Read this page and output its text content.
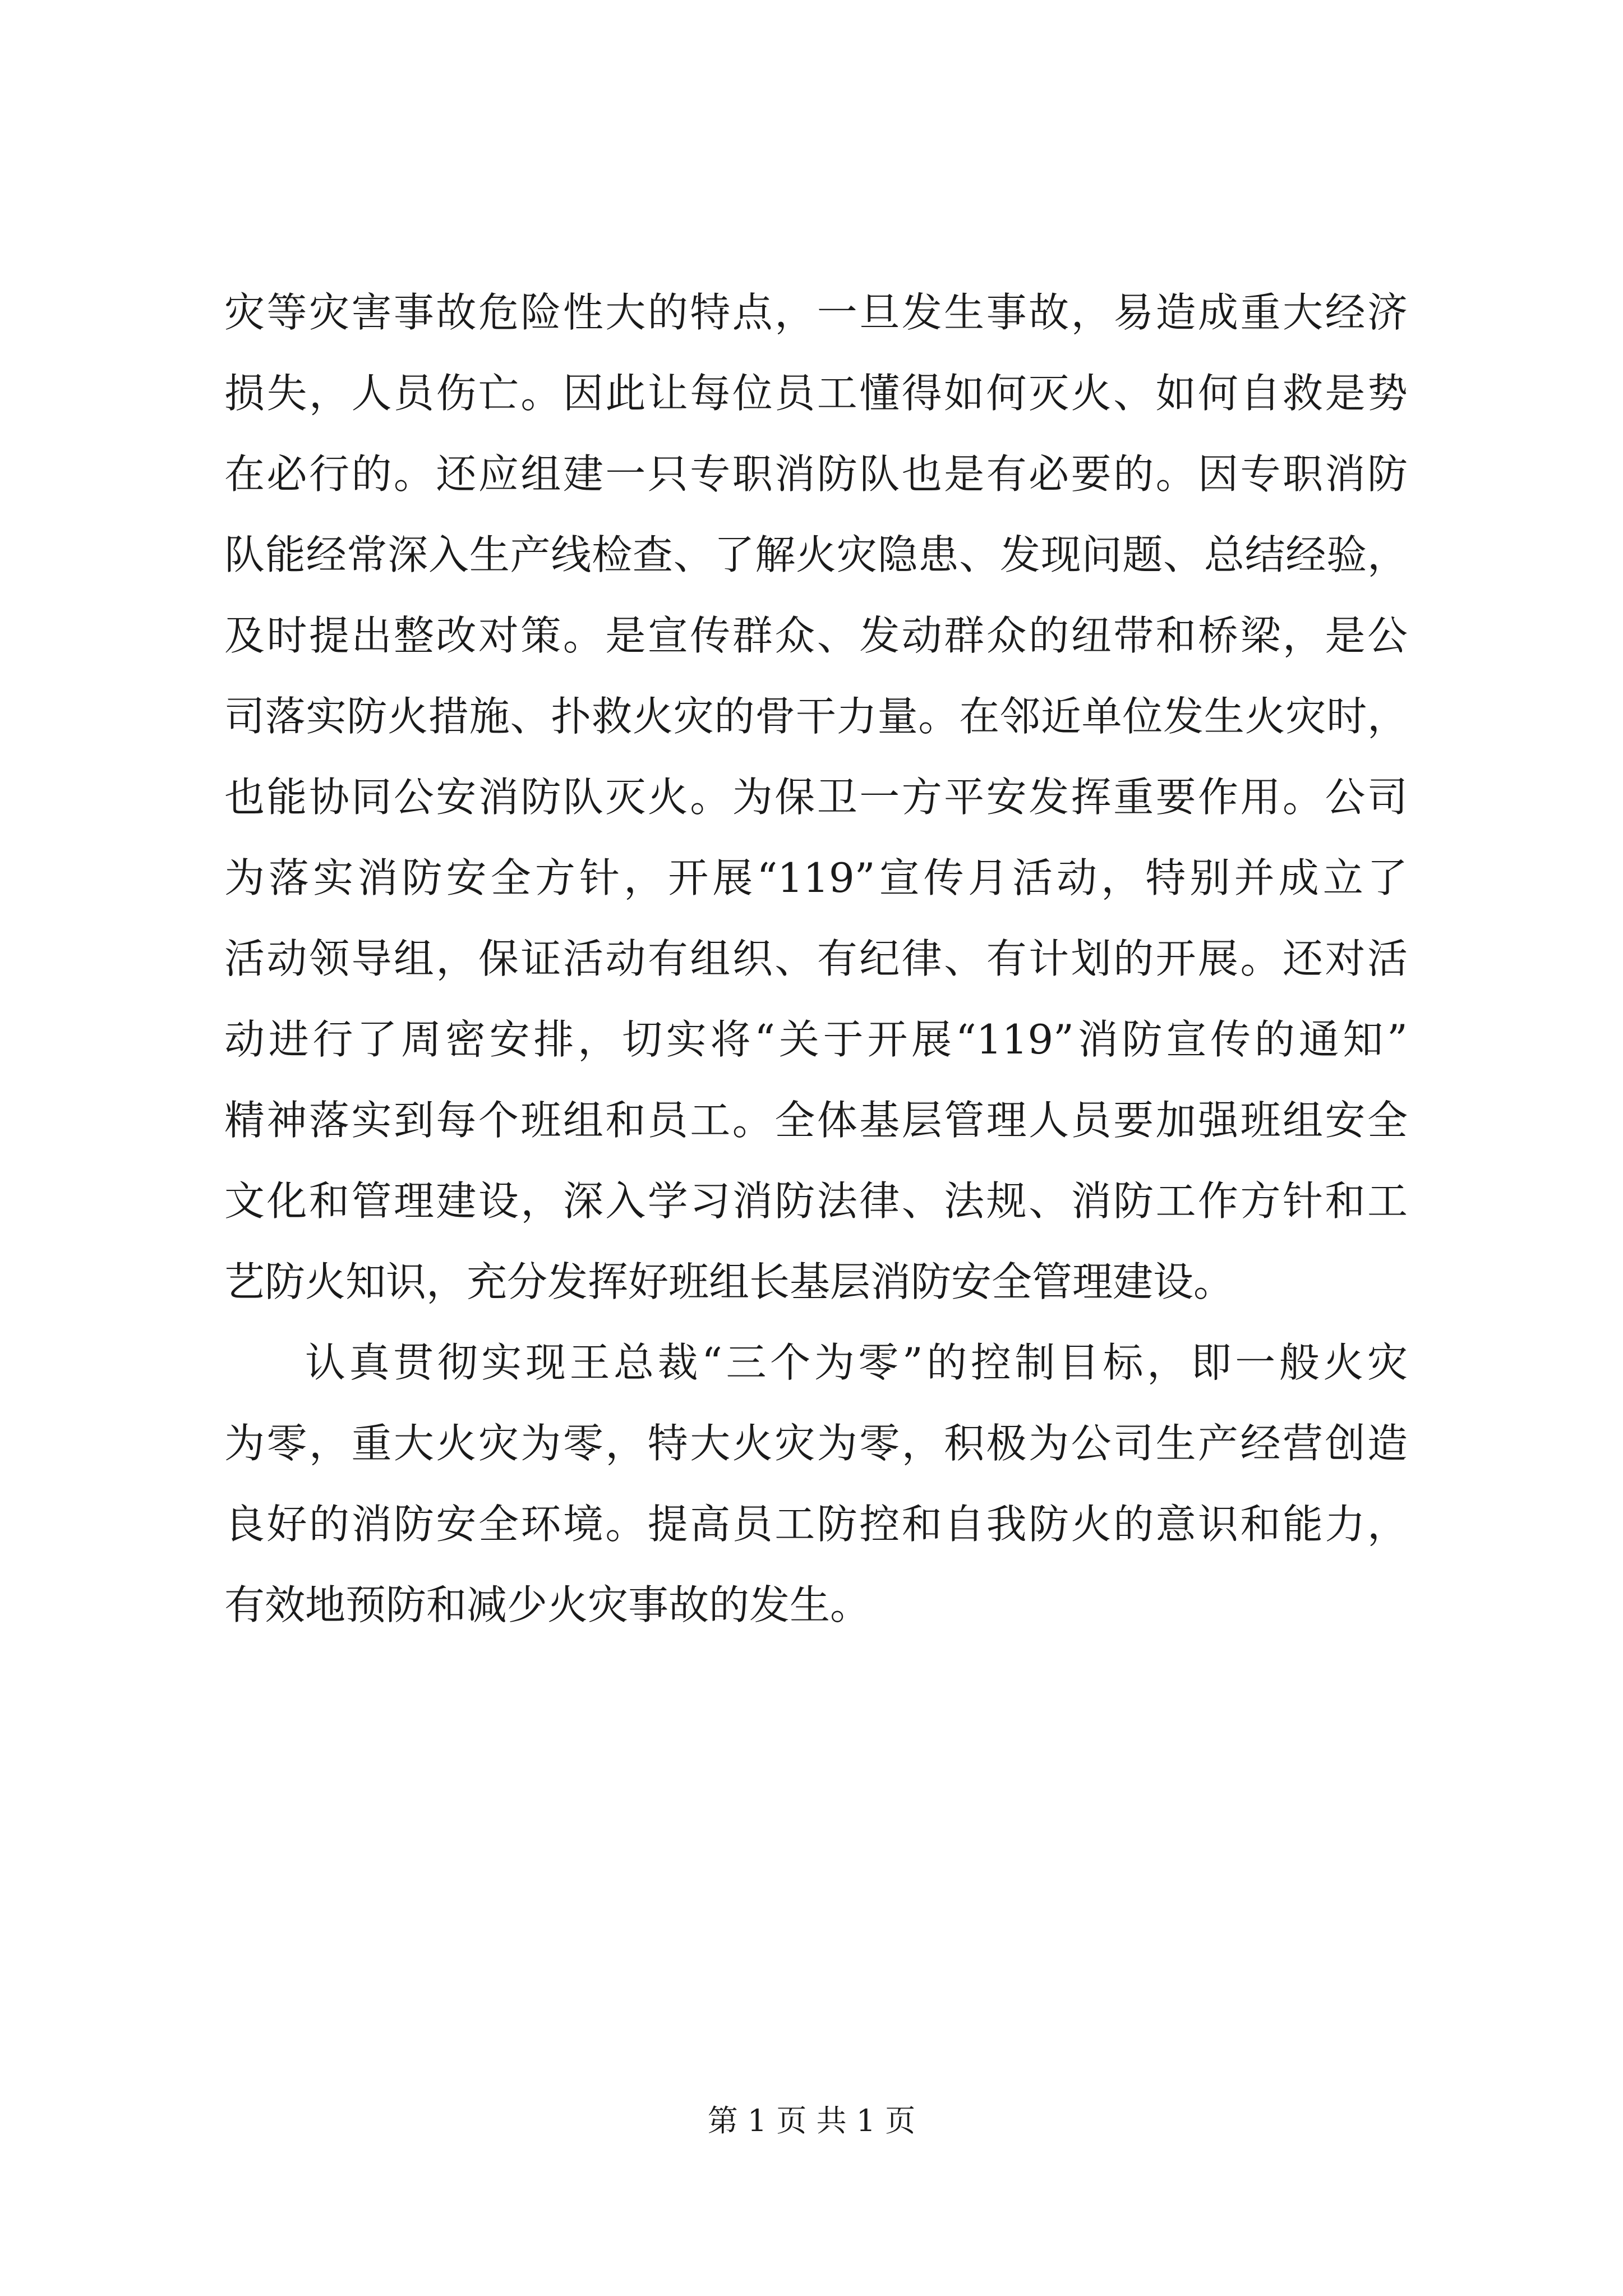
灾等灾害事故危险性大的特点，一旦发生事故，易造成重大经济
损失，人员伤亡。因此让每位员工懂得如何灭火、如何自救是势
在必行的。还应组建一只专职消防队也是有必要的。因专职消防
队能经常深入生产线检查、了解火灾隐患、发现问题、总结经验，
及时提出整改对策。是宣传群众、发动群众的纽带和桥梁，是公
司落实防火措施、扑救火灾的骨干力量。在邻近单位发生火灾时，
也能协同公安消防队灭火。为保卫一方平安发挥重要作用。公司
为落实消防安全方针，开展“119”宣传月活动，特别并成立了
活动领导组，保证活动有组织、有纪律、有计划的开展。还对活
动进行了周密安排，切实将“关于开展“119”消防宣传的通知”
精神落实到每个班组和员工。全体基层管理人员要加强班组安全
文化和管理建设，深入学习消防法律、法规、消防工作方针和工
艺防火知识，充分发挥好班组长基层消防安全管理建设。
认真贯彻实现王总裁“三个为零”的控制目标，即一般火灾
为零，重大火灾为零，特大火灾为零，积极为公司生产经营创造
良好的消防安全环境。提高员工防控和自我防火的意识和能力，
有效地预防和减少火灾事故的发生。
第 1 页 共 1 页
